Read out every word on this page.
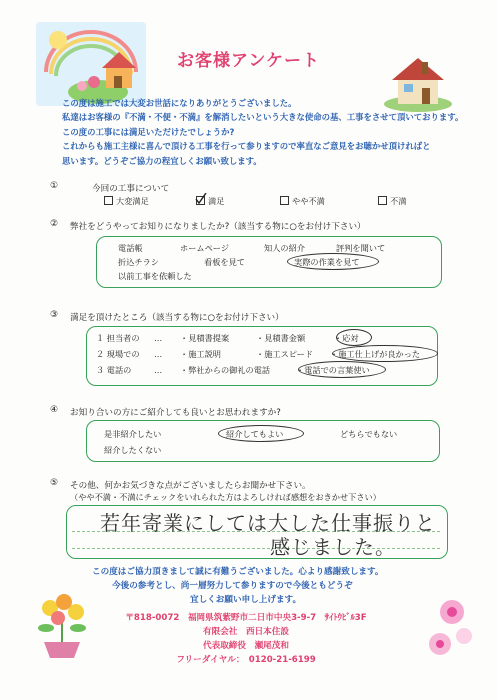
お客様アンケート
この度は施工では大変お世話になりありがとうございました。
私達はお客様の『不満・不便・不満』を解消したいという大きな使命の基、工事をさせて頂いております。
この度の工事には満足いただけたでしょうか?
これからも施工主様に喜んで頂ける工事を行って参りますので率直なご意見をお聴かせ頂ければと
思います。どうぞご協力の程宜しくお願い致します。
①	今回の工事について
大変満足	満足	やや不満	不満
② 弊社をどうやってお知りになりましたか?（該当する物に○をお付け下さい）
電話帳	ホームページ	知人の紹介	評判を聞いて
折込チラシ	看板を見て	実際の作業を見て
以前工事を依頼した
③ 満足を頂けたところ（該当する物に○をお付け下さい）
１ 担当者の … ・見積書提案	・見積書金額	・応対
２ 現場での … ・施工説明	・施工スピード ・施工仕上げが良かった
３ 電話の	… ・弊社からの御礼の電話	・電話での言葉使い
④ お知り合いの方にご紹介しても良いとお思われますか?
是非紹介したい	紹介してもよい	どちらでもない
紹介したくない
⑤ その他、何かお気づきな点がございましたらお聞かせ下さい。
（やや不満・不満にチェックをいれられた方はよろしければ感想をおきかせ下さい）
若年寄業にしては大した仕事振りと
感じました。
この度はご協力頂きまして誠に有難うございました。心より感謝致します。
今後の参考とし、尚一層努力して参りますので今後ともどうぞ
宜しくお願い申し上げます。
〒818-0072　福岡県筑紫野市二日市中央3-9-7　ｻｲﾄｳﾋﾞﾙ3F
有限会社　西日本住設
代表取締役　瀬尾茂和
フリーダイヤル：　0120-21-6199
